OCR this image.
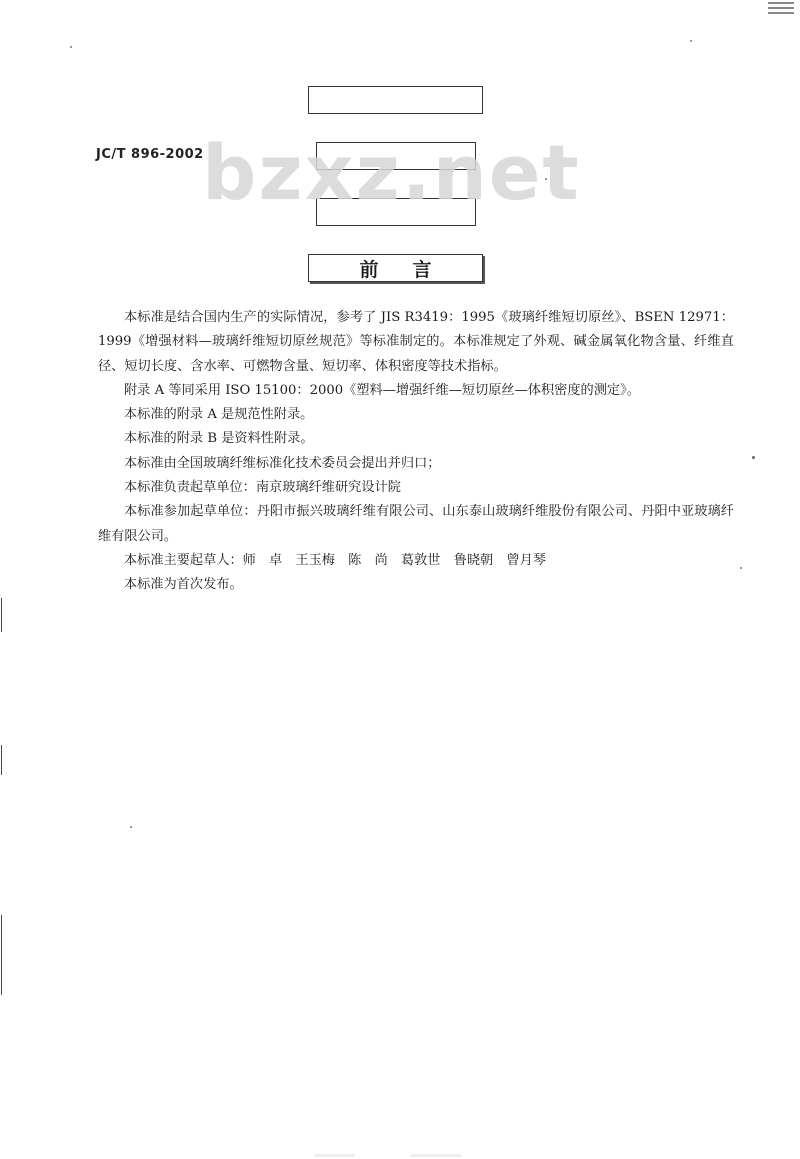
JC/T 896-2002
bzxz.net
前言

本标准是结合国内生产的实际情况，参考了 JIS R3419：1995《玻璃纤维短切原丝》、BSEN 12971：1999《增强材料—玻璃纤维短切原丝规范》等标准制定的。本标准规定了外观、碱金属氧化物含量、纤维直径、短切长度、含水率、可燃物含量、短切率、体积密度等技术指标。

附录 A 等同采用 ISO 15100：2000《塑料—增强纤维—短切原丝—体积密度的测定》。

本标准的附录 A 是规范性附录。

本标准的附录 B 是资料性附录。

本标准由全国玻璃纤维标准化技术委员会提出并归口；

本标准负责起草单位：南京玻璃纤维研究设计院

本标准参加起草单位：丹阳市振兴玻璃纤维有限公司、山东泰山玻璃纤维股份有限公司、丹阳中亚玻璃纤维有限公司。

本标准主要起草人：师　卓　王玉梅　陈　尚　葛敦世　鲁晓朝　曾月琴

本标准为首次发布。
